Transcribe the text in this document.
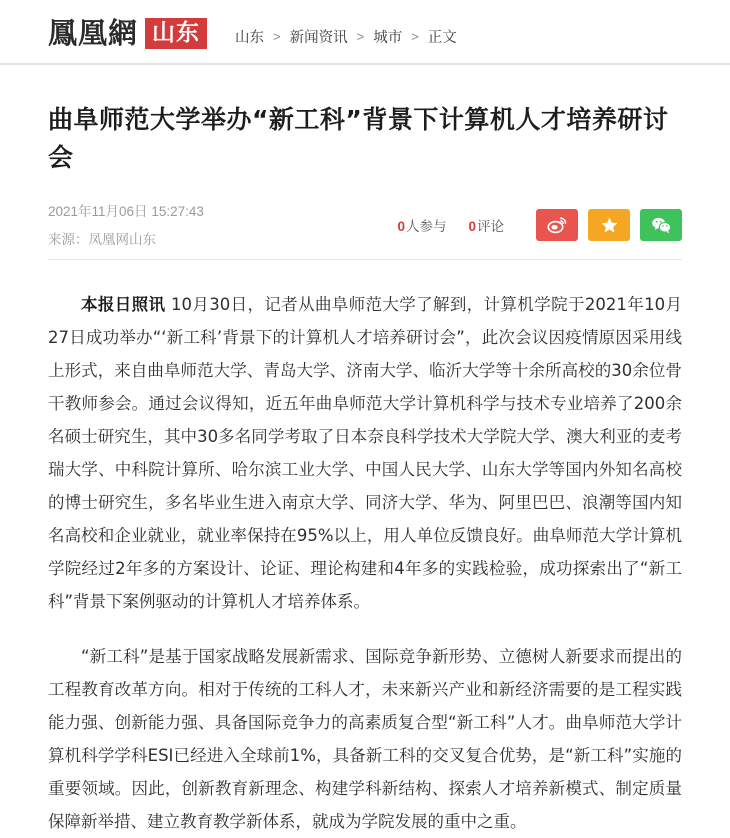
鳳凰網 山东	山东 > 新闻资讯 > 城市 > 正文
曲阜师范大学举办“新工科”背景下计算机人才培养研讨会
2021年11月06日 15:27:43
来源：凤凰网山东
0人参与 0评论

本报日照讯 10月30日，记者从曲阜师范大学了解到，计算机学院于2021年10月27日成功举办“‘新工科’背景下的计算机人才培养研讨会”，此次会议因疫情原因采用线上形式，来自曲阜师范大学、青岛大学、济南大学、临沂大学等十余所高校的30余位骨干教师参会。通过会议得知，近五年曲阜师范大学计算机科学与技术专业培养了200余名硕士研究生，其中30多名同学考取了日本奈良科学技术大学院大学、澳大利亚的麦考瑞大学、中科院计算所、哈尔滨工业大学、中国人民大学、山东大学等国内外知名高校的博士研究生，多名毕业生进入南京大学、同济大学、华为、阿里巴巴、浪潮等国内知名高校和企业就业，就业率保持在95%以上，用人单位反馈良好。曲阜师范大学计算机学院经过2年多的方案设计、论证、理论构建和4年多的实践检验，成功探索出了“新工科”背景下案例驱动的计算机人才培养体系。

“新工科”是基于国家战略发展新需求、国际竞争新形势、立德树人新要求而提出的工程教育改革方向。相对于传统的工科人才，未来新兴产业和新经济需要的是工程实践能力强、创新能力强、具备国际竞争力的高素质复合型“新工科”人才。曲阜师范大学计算机科学学科ESI已经进入全球前1%，具备新工科的交叉复合优势，是“新工科”实施的重要领域。因此，创新教育新理念、构建学科新结构、探索人才培养新模式、制定质量保障新举措、建立教育教学新体系，就成为学院发展的重中之重。
